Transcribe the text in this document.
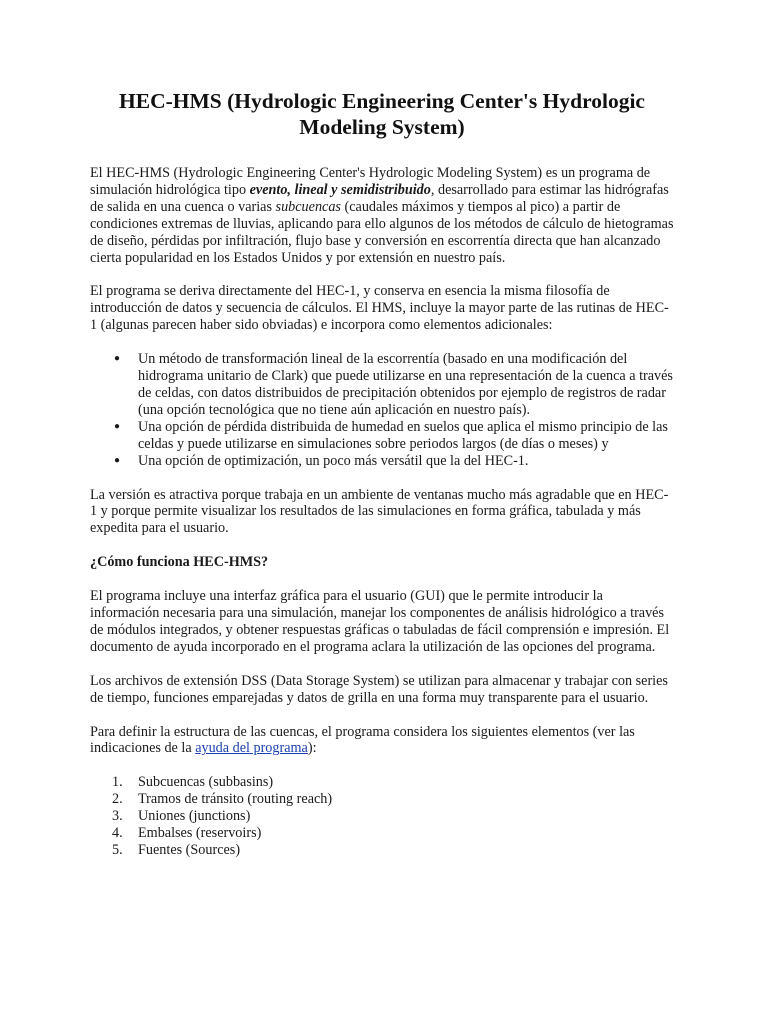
HEC-HMS (Hydrologic Engineering Center's Hydrologic Modeling System)

El HEC-HMS (Hydrologic Engineering Center's Hydrologic Modeling System) es un programa de simulación hidrológica tipo evento, lineal y semidistribuido, desarrollado para estimar las hidrógrafas de salida en una cuenca o varias subcuencas (caudales máximos y tiempos al pico) a partir de condiciones extremas de lluvias, aplicando para ello algunos de los métodos de cálculo de hietogramas de diseño, pérdidas por infiltración, flujo base y conversión en escorrentía directa que han alcanzado cierta popularidad en los Estados Unidos y por extensión en nuestro país.

El programa se deriva directamente del HEC-1, y conserva en esencia la misma filosofía de introducción de datos y secuencia de cálculos. El HMS, incluye la mayor parte de las rutinas de HEC-1 (algunas parecen haber sido obviadas) e incorpora como elementos adicionales:

● Un método de transformación lineal de la escorrentía (basado en una modificación del hidrograma unitario de Clark) que puede utilizarse en una representación de la cuenca a través de celdas, con datos distribuidos de precipitación obtenidos por ejemplo de registros de radar (una opción tecnológica que no tiene aún aplicación en nuestro país).
● Una opción de pérdida distribuida de humedad en suelos que aplica el mismo principio de las celdas y puede utilizarse en simulaciones sobre periodos largos (de días o meses) y
● Una opción de optimización, un poco más versátil que la del HEC-1.

La versión es atractiva porque trabaja en un ambiente de ventanas mucho más agradable que en HEC-1 y porque permite visualizar los resultados de las simulaciones en forma gráfica, tabulada y más expedita para el usuario.

¿Cómo funciona HEC-HMS?

El programa incluye una interfaz gráfica para el usuario (GUI) que le permite introducir la información necesaria para una simulación, manejar los componentes de análisis hidrológico a través de módulos integrados, y obtener respuestas gráficas o tabuladas de fácil comprensión e impresión. El documento de ayuda incorporado en el programa aclara la utilización de las opciones del programa.

Los archivos de extensión DSS (Data Storage System) se utilizan para almacenar y trabajar con series de tiempo, funciones emparejadas y datos de grilla en una forma muy transparente para el usuario.

Para definir la estructura de las cuencas, el programa considera los siguientes elementos (ver las indicaciones de la ayuda del programa):

1. Subcuencas (subbasins)
2. Tramos de tránsito (routing reach)
3. Uniones (junctions)
4. Embalses (reservoirs)
5. Fuentes (Sources)
